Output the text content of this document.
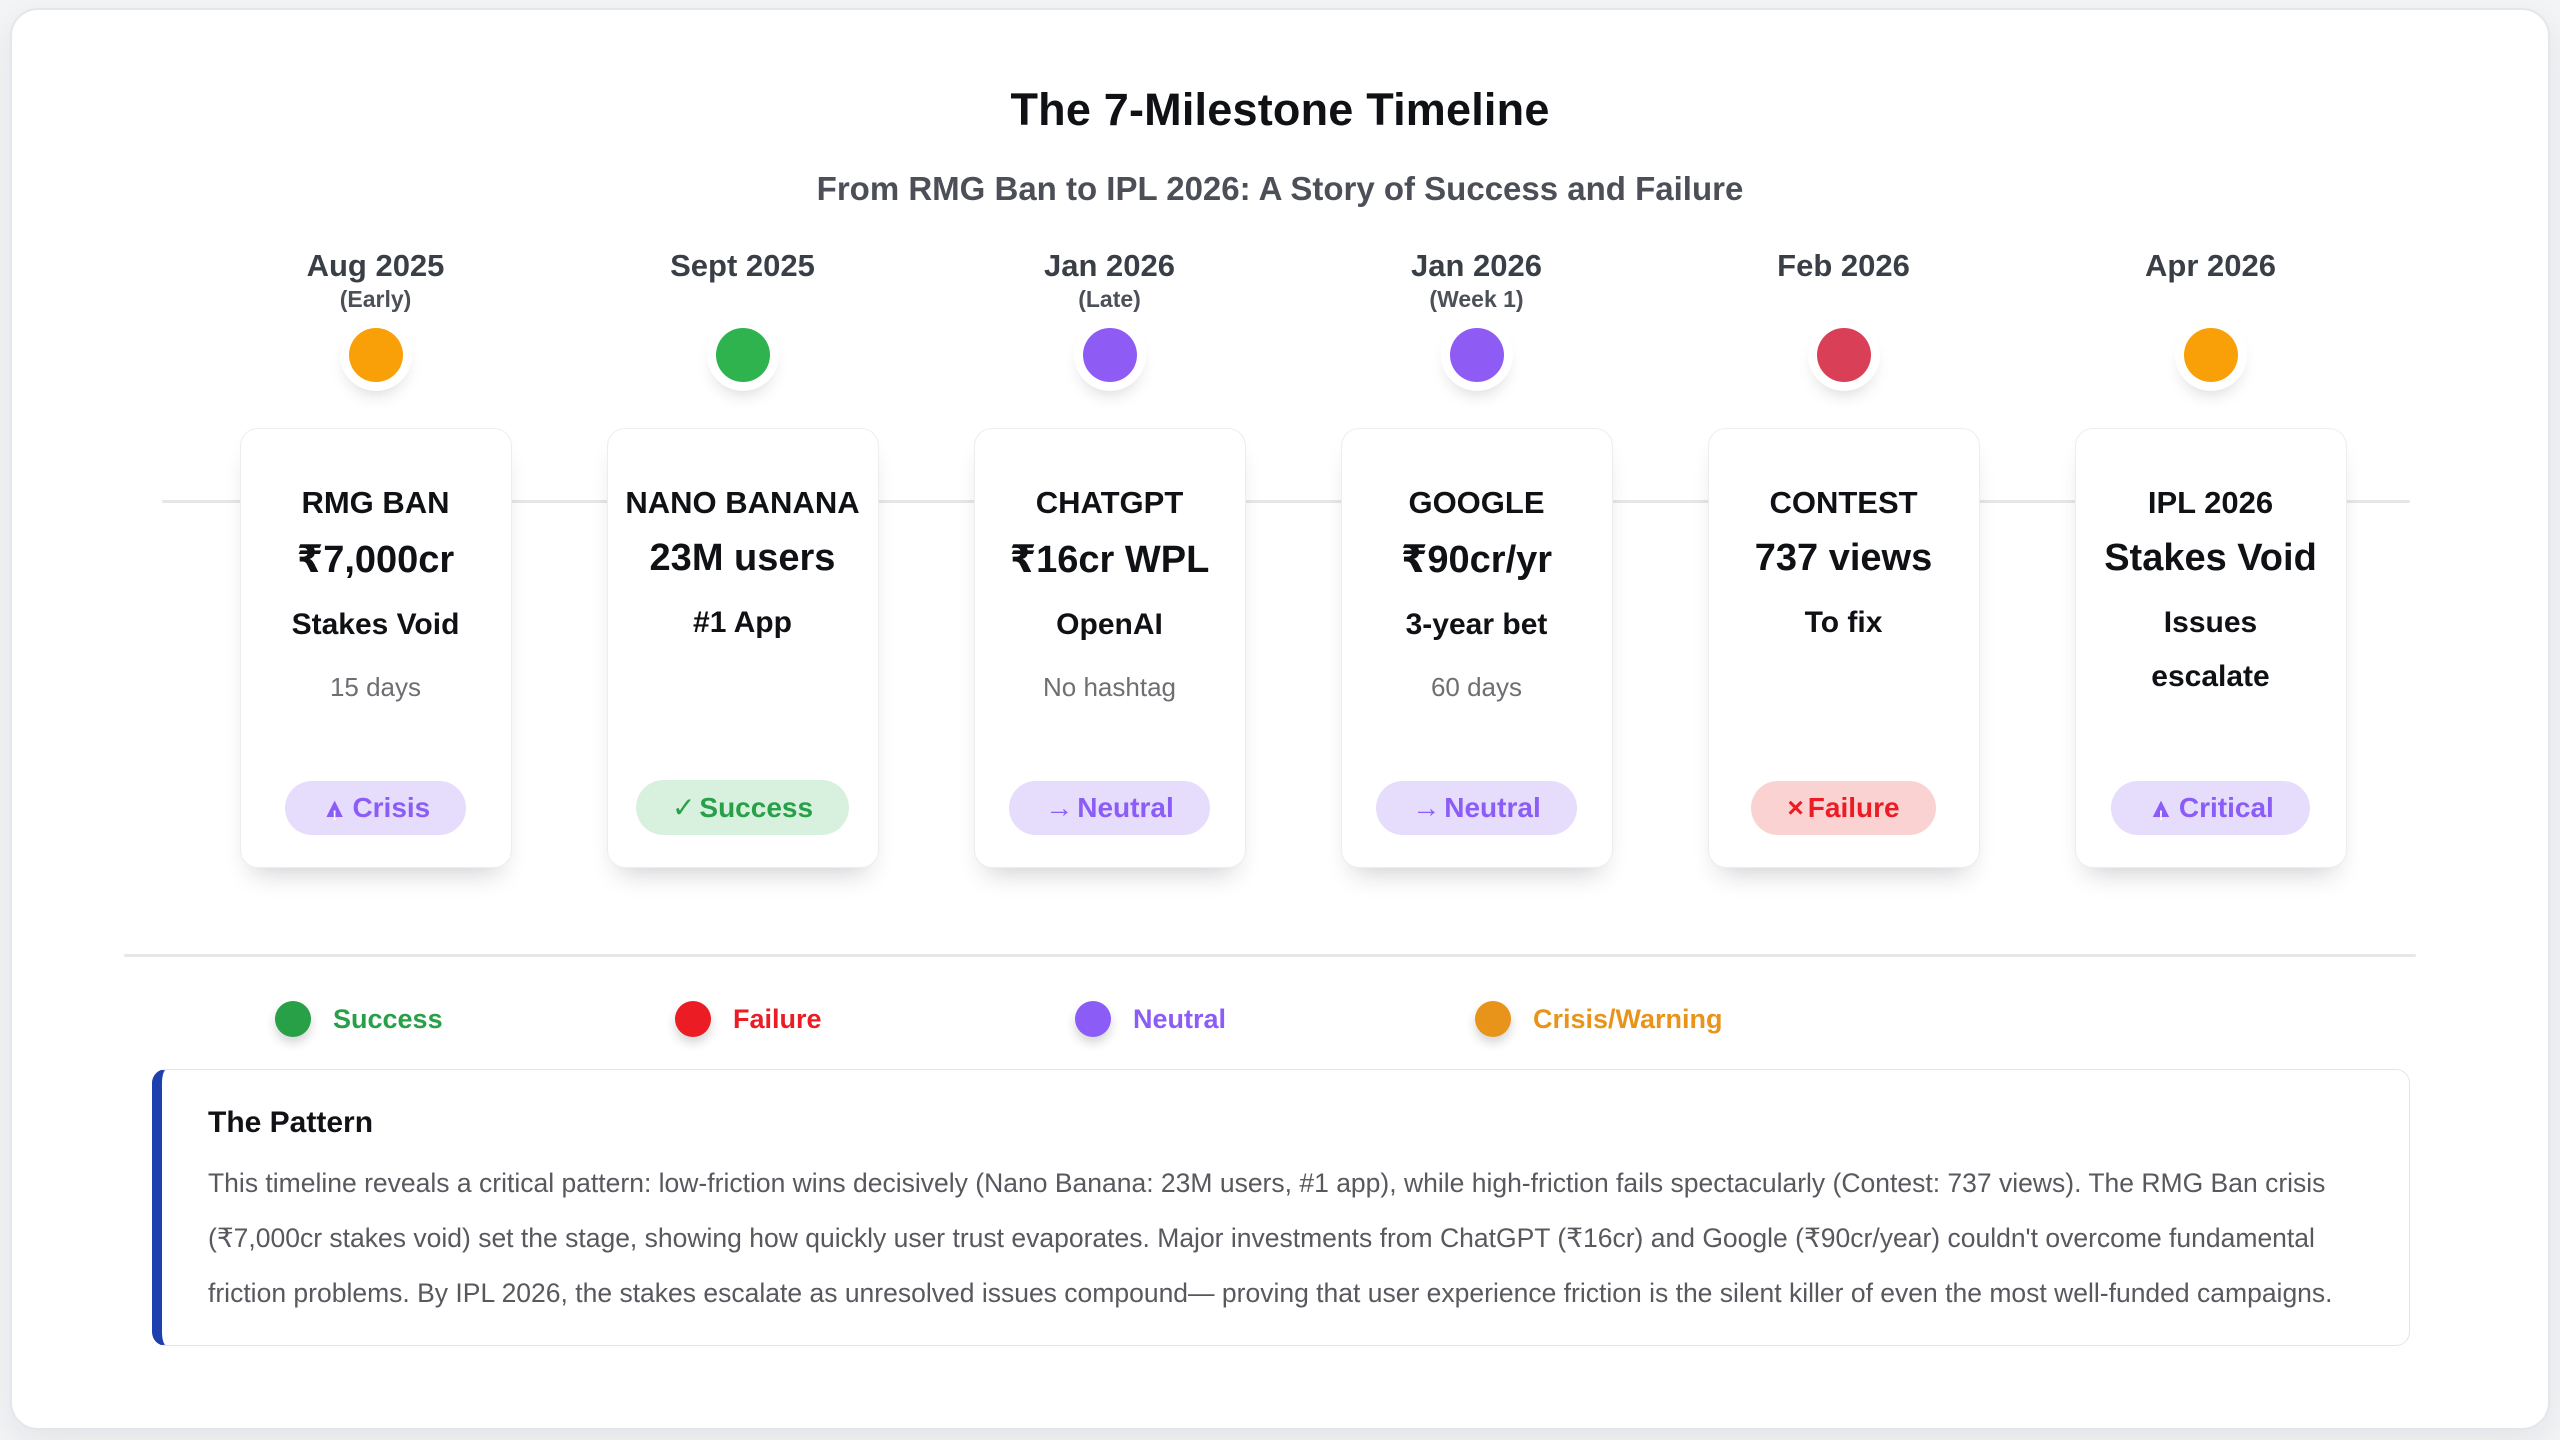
The 7-Milestone Timeline
From RMG Ban to IPL 2026: A Story of Success and Failure
Aug 2025
(Early)
RMG BAN
₹7,000cr
Stakes Void
15 days
▲ ! Crisis
Sept 2025
NANO BANANA
23M users
#1 App
✓ Success
Jan 2026
(Late)
CHATGPT
₹16cr WPL
OpenAI
No hashtag
→ Neutral
Jan 2026
(Week 1)
GOOGLE
₹90cr/yr
3-year bet
60 days
→ Neutral
Feb 2026
CONTEST
737 views
To fix
× Failure
Apr 2026
IPL 2026
Stakes Void
Issues escalate
▲ ! Critical
Success	Failure	Neutral	Crisis/Warning
The Pattern

This timeline reveals a critical pattern: low-friction wins decisively (Nano Banana: 23M users, #1 app), while high-friction fails spectacularly (Contest: 737 views). The RMG Ban crisis (₹7,000cr stakes void) set the stage, showing how quickly user trust evaporates. Major investments from ChatGPT (₹16cr) and Google (₹90cr/year) couldn't overcome fundamental friction problems. By IPL 2026, the stakes escalate as unresolved issues compound— proving that user experience friction is the silent killer of even the most well-funded campaigns.
